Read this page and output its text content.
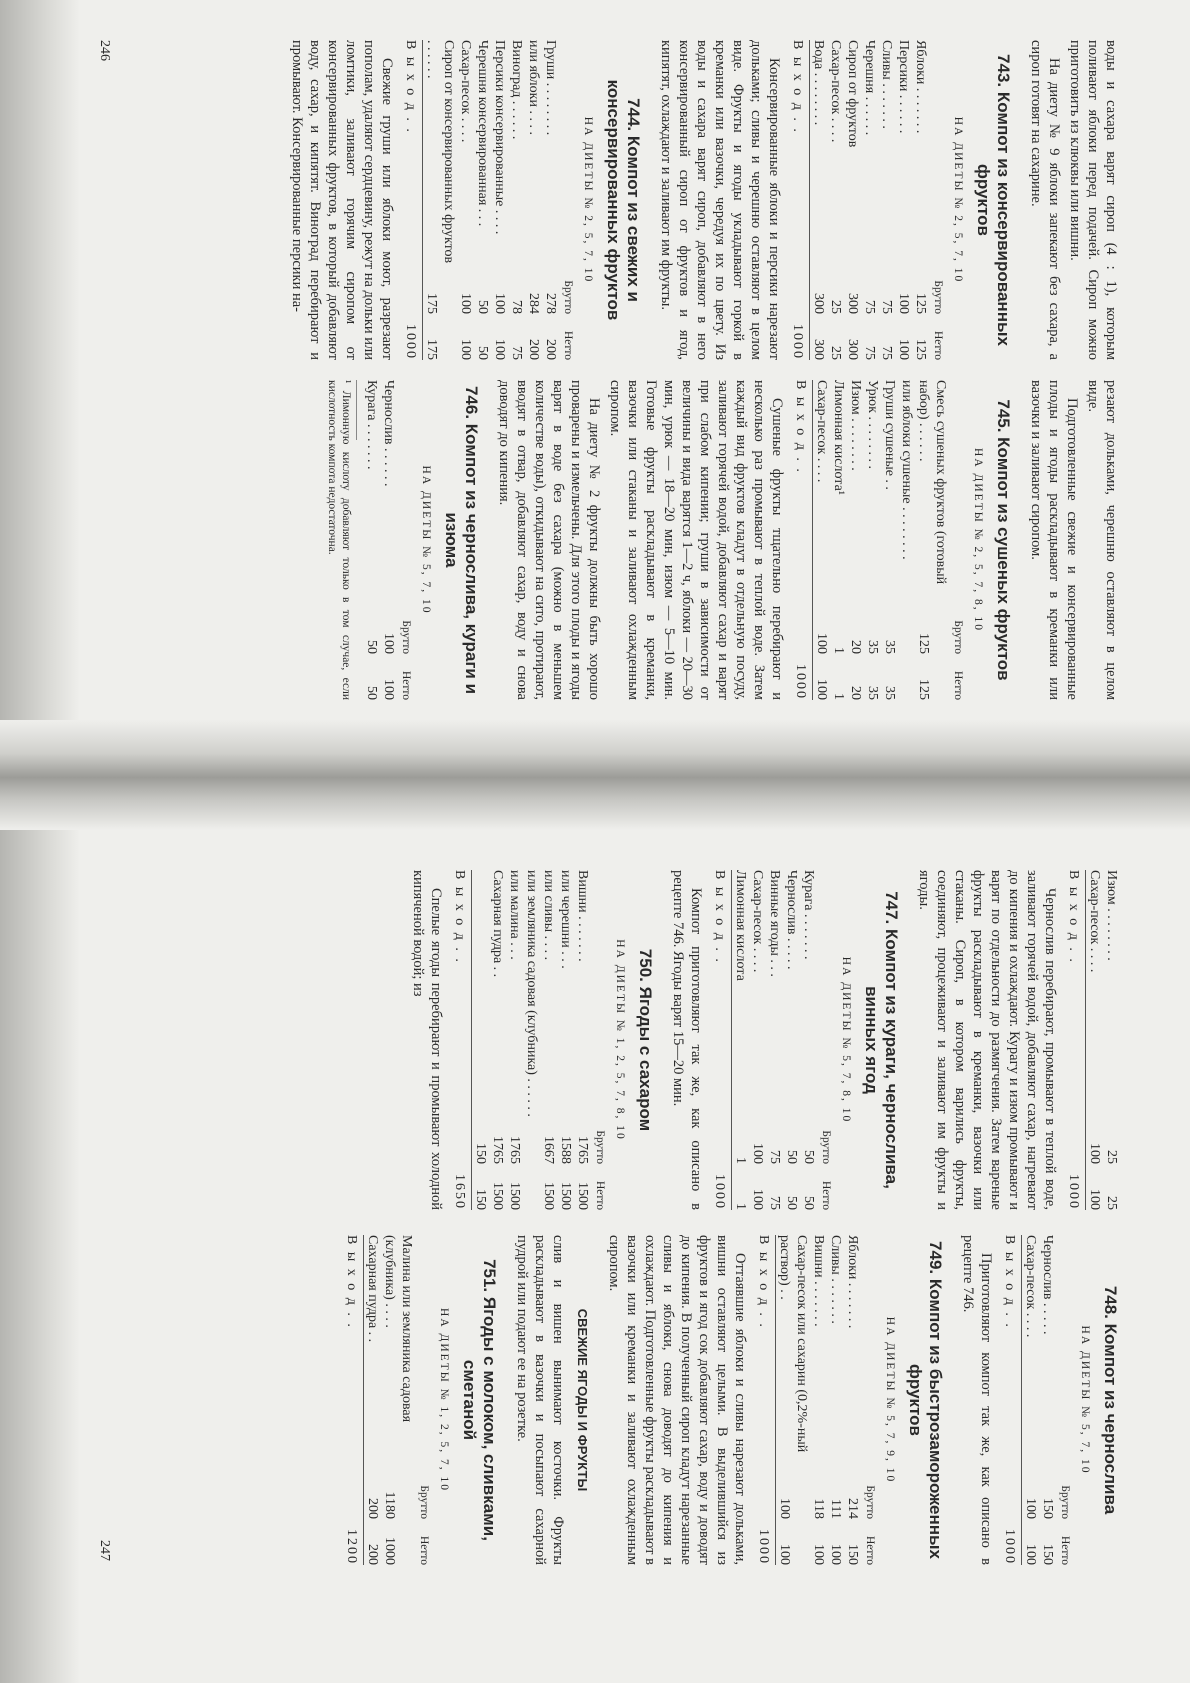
воды и сахара варят сироп (4 : 1), которым поливают яблоки перед подачей. Сироп можно приготовить из клюквы или вишни.

На диету № 9 яблоки запекают без сахара, а сироп готовят на сахарине.

743. Компот из консервированных фруктов
НА ДИЕТЫ № 2, 5, 7, 10
	Брутто	Нетто
Яблоки . . . . . . .	125	125
Персики . . . . . .	100	100
Сливы . . . . . . .	75	75
Черешня . . . . . .	75	75
Сироп от фруктов	300	300
Сахар-песок . . . .	25	25
Вода . . . . . . . .	300	300
В ы х о д . .		1000

Консервированные яблоки и персики нарезают дольками; сливы и черешню оставляют в целом виде. Фрукты и ягоды укладывают горкой в креманки или вазочки, чередуя их по цвету. Из воды и сахара варят сироп, добавляют в него консервированный сироп от фруктов и ягод, кипятят, охлаждают и заливают им фрукты.

744. Компот из свежих и консервированных фруктов
НА ДИЕТЫ № 2, 5, 7, 10
	Брутто	Нетто
Груши . . . . . . . .	278	200
или яблоки . . . .	284	200
Виноград . . . . . .	78	75
Персики консервированные . . . .	100	100
Черешня консервированная . . .	50	50
Сахар-песок . . . .	100	100
Сироп от консервированных фруктов . . . . . .	175	175
В ы х о д . .		1000

Свежие груши или яблоки моют, разрезают пополам, удаляют сердцевину, режут на дольки или ломтики, заливают горячим сиропом от консервированных фруктов, в который добавляют воду, сахар, и кипятят. Виноград перебирают и промывают. Консервированные персики на-

резают дольками, черешню оставляют в целом виде.

Подготовленные свежие и консервированные плоды и ягоды раскладывают в креманки или вазочки и заливают сиропом.

745. Компот из сушеных фруктов
НА ДИЕТЫ № 2, 5, 7, 8, 10
	Брутто	Нетто
Смесь сушеных фруктов (готовый набор) . . . . . .	125	125
или яблоки сушеные . . . . . . . .		
Груши сушеные . .	35	35
Урюк . . . . . . . .	35	35
Изюм . . . . . . . .	20	20
Лимонная кислота¹	1	1
Сахар-песок . . . .	100	100
В ы х о д . .		1000

Сушеные фрукты тщательно перебирают и несколько раз промывают в теплой воде. Затем каждый вид фруктов кладут в отдельную посуду, заливают горячей водой, добавляют сахар и варят при слабом кипении; груши в зависимости от величины и вида варятся 1—2 ч, яблоки — 20—30 мин, урюк — 18—20 мин, изюм — 5—10 мин. Готовые фрукты раскладывают в креманки, вазочки или стаканы и заливают охлажденным сиропом.

На диету № 2 фрукты должны быть хорошо проварены и измельчены. Для этого плоды и ягоды варят в воде без сахара (можно в меньшем количестве воды), откидывают на сито, протирают, вводят в отвар, добавляют сахар, воду и снова доводят до кипения.

746. Компот из чернослива, кураги и изюма
НА ДИЕТЫ № 5, 7, 10
	Брутто	Нетто
Чернослив . . . . . .	100	100
Курага . . . . . . .	50	50

¹ Лимонную кислоту добавляют только в том случае, если кислотность компота недостаточна.

246
Изюм . . . . . . . .	25	25
Сахар-песок . . . .	100	100
В ы х о д . .		1000

Чернослив перебирают, промывают в теплой воде, заливают горячей водой, добавляют сахар, нагревают до кипения и охлаждают. Курагу и изюм промывают и варят по отдельности до размягчения. Затем вареные фрукты раскладывают в креманки, вазочки или стаканы. Сироп, в котором варились фрукты, соединяют, процеживают и заливают им фрукты и ягоды.

747. Компот из кураги, чернослива, винных ягод
НА ДИЕТЫ № 5, 7, 8, 10
	Брутто	Нетто
Курага . . . . . . .	50	50
Чернослив . . . . .	50	50
Винные ягоды . . .	75	75
Сахар-песок . . . .	100	100
Лимонная кислота	1	1
В ы х о д . .		1000

Компот приготовляют так же, как описано в рецепте 746. Ягоды варят 15—20 мин.

750. Ягоды с сахаром
НА ДИЕТЫ № 1, 2, 5, 7, 8, 10
	Брутто	Нетто
Вишни . . . . . . .	1765	1500
или черешни . . .	1588	1500
или сливы . . . .	1667	1500
или земляника садовая (клубника) . . . . . .		
или малина . . .	1765	1500
Сахарная пудра . .	1765	1500
	150	150
В ы х о д . .		1650

Спелые ягоды перебирают и промывают холодной кипяченой водой; из

748. Компот из чернослива
НА ДИЕТЫ № 5, 7, 10
	Брутто	Нетто
Чернослив . . . . .	150	150
Сахар-песок . . . .	100	100
В ы х о д . .		1000

Приготовляют компот так же, как описано в рецепте 746.

749. Компот из быстрозамороженных фруктов
НА ДИЕТЫ № 5, 7, 9, 10
	Брутто	Нетто
Яблоки . . . . . . .	214	150
Сливы . . . . . . .	111	100
Вишни . . . . . . .	118	100
Сахар-песок или сахарин (0,2%-ный раствор) . .	100	100
В ы х о д . .		1000

Оттаявшие яблоки и сливы нарезают дольками, вишни оставляют целыми. В выделившийся из фруктов и ягод сок добавляют сахар, воду и доводят до кипения. В полученный сироп кладут нарезанные сливы и яблоки, снова доводят до кипения и охлаждают. Подготовленные фрукты раскладывают в вазочки или креманки и заливают охлажденным сиропом.

СВЕЖИЕ ЯГОДЫ И ФРУКТЫ

слив и вишен вынимают косточки. Фрукты раскладывают в вазочки и посыпают сахарной пудрой или подают ее на розетке.

751. Ягоды с молоком, сливками, сметаной
НА ДИЕТЫ № 1, 2, 5, 7, 10
	Брутто	Нетто
Малина или земляника садовая (клубника) . . . .	1180	1000
Сахарная пудра . .	200	200
В ы х о д . .		1200
247
